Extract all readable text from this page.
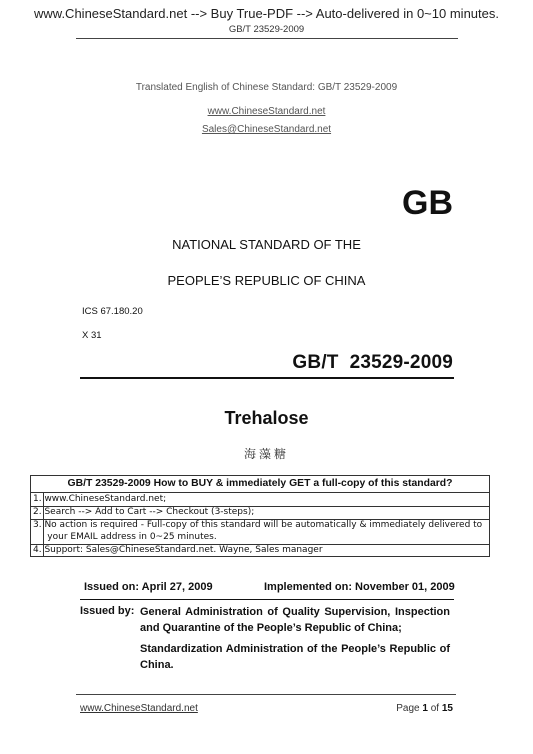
www.ChineseStandard.net --> Buy True-PDF --> Auto-delivered in 0~10 minutes.
GB/T 23529-2009
Translated English of Chinese Standard: GB/T 23529-2009
www.ChineseStandard.net
Sales@ChineseStandard.net
GB
NATIONAL STANDARD OF THE
PEOPLE’S REPUBLIC OF CHINA
ICS 67.180.20
X 31
GB/T  23529-2009
Trehalose
海藻糖
GB/T 23529-2009 How to BUY & immediately GET a full-copy of this standard?
1. www.ChineseStandard.net;
2. Search --> Add to Cart --> Checkout (3-steps);
3. No action is required - Full-copy of this standard will be automatically & immediately delivered to
your EMAIL address in 0~25 minutes.
4. Support: Sales@ChineseStandard.net. Wayne, Sales manager
Issued on: April 27, 2009	Implemented on: November 01, 2009
Issued by: General Administration of Quality Supervision, Inspection and Quarantine of the People’s Republic of China;
Standardization Administration of the People’s Republic of China.
www.ChineseStandard.net	Page 1 of 15
